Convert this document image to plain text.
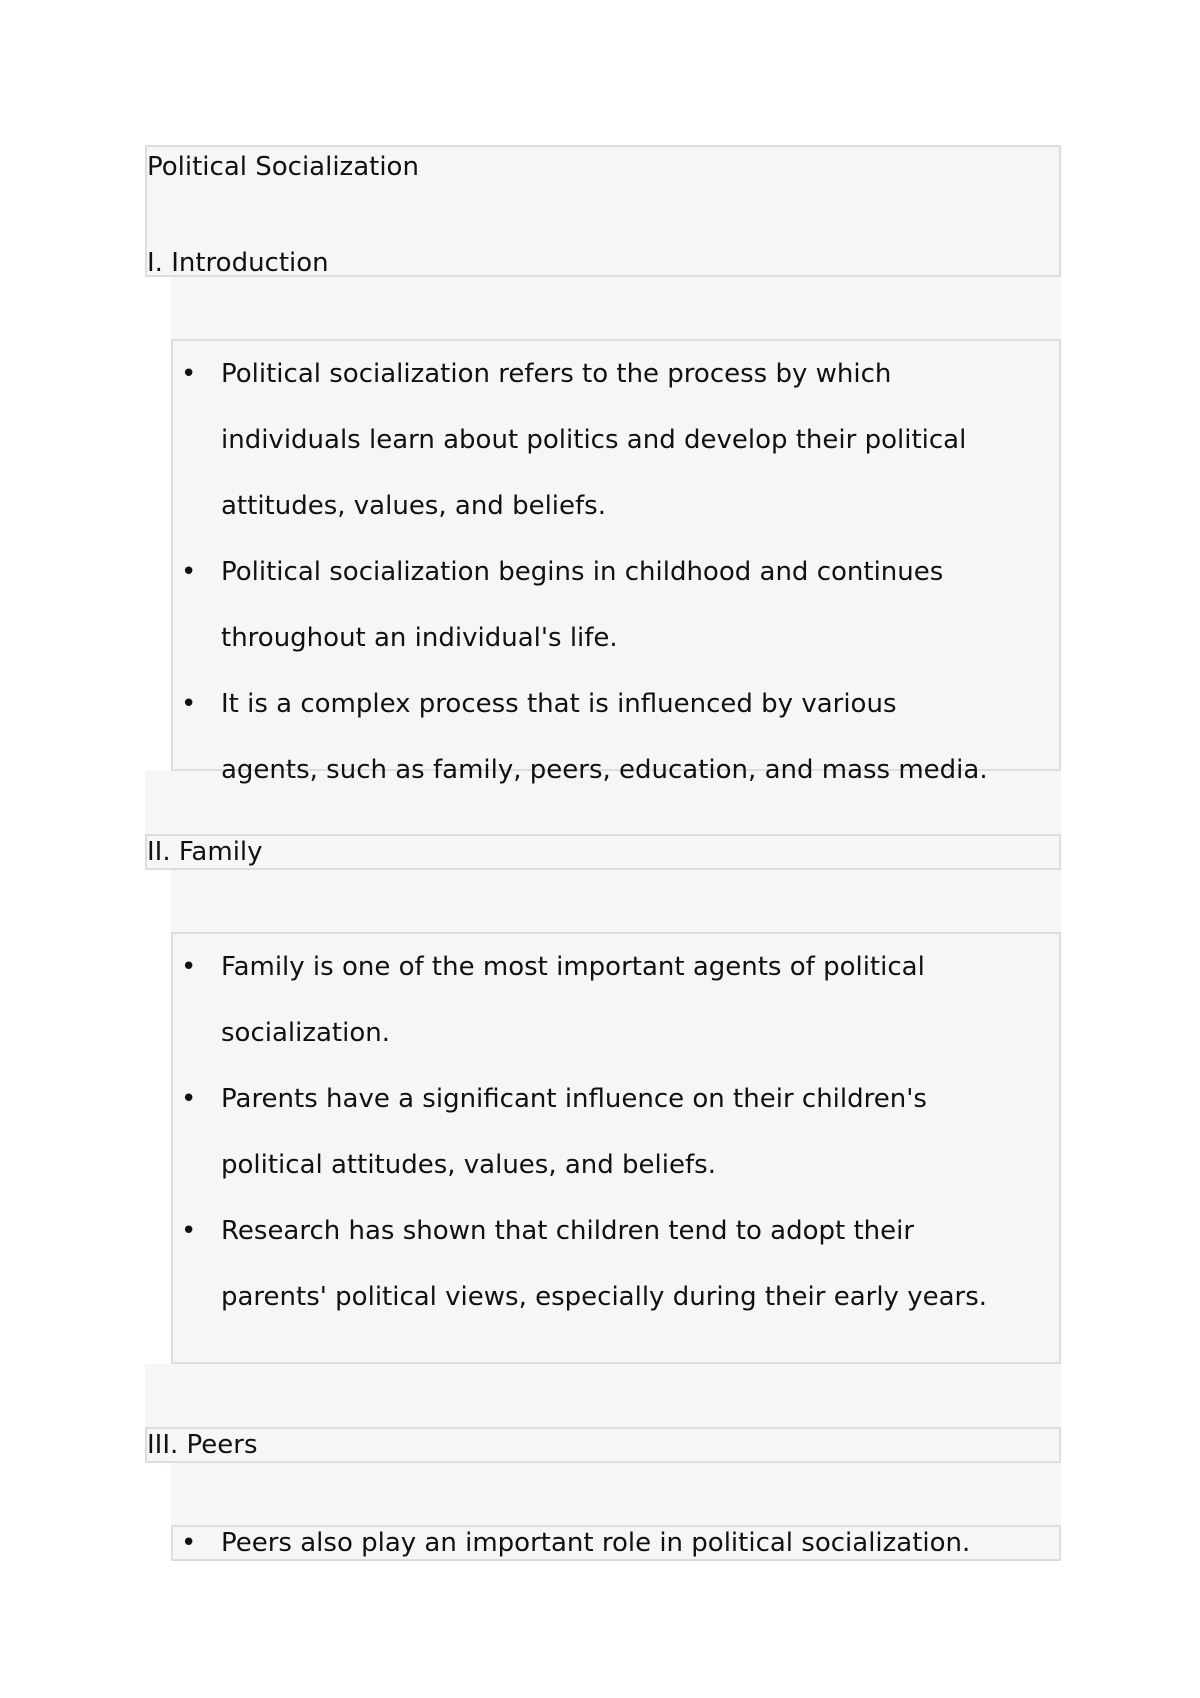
Political Socialization
I. Introduction
• Political socialization refers to the process by which
individuals learn about politics and develop their political
attitudes, values, and beliefs.
• Political socialization begins in childhood and continues
throughout an individual's life.
• It is a complex process that is influenced by various
agents, such as family, peers, education, and mass media.
II. Family
• Family is one of the most important agents of political
socialization.
• Parents have a significant influence on their children's
political attitudes, values, and beliefs.
• Research has shown that children tend to adopt their
parents' political views, especially during their early years.
III. Peers
• Peers also play an important role in political socialization.
